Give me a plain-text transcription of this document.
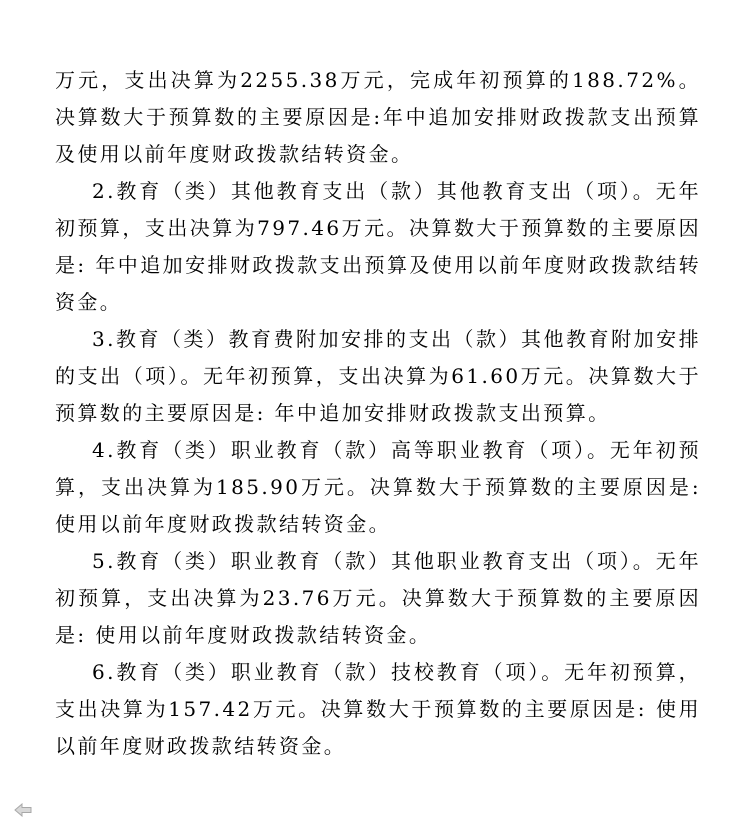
万元，支出决算为2255.38万元，完成年初预算的188.72%。决算数大于预算数的主要原因是:年中追加安排财政拨款支出预算及使用以前年度财政拨款结转资金。

2.教育（类）其他教育支出（款）其他教育支出（项）。无年初预算，支出决算为797.46万元。决算数大于预算数的主要原因是: 年中追加安排财政拨款支出预算及使用以前年度财政拨款结转资金。

3.教育（类）教育费附加安排的支出（款）其他教育附加安排的支出（项）。无年初预算，支出决算为61.60万元。决算数大于预算数的主要原因是: 年中追加安排财政拨款支出预算。

4.教育（类）职业教育（款）高等职业教育（项）。无年初预算，支出决算为185.90万元。决算数大于预算数的主要原因是: 使用以前年度财政拨款结转资金。

5.教育（类）职业教育（款）其他职业教育支出（项）。无年初预算，支出决算为23.76万元。决算数大于预算数的主要原因是: 使用以前年度财政拨款结转资金。

6.教育（类）职业教育（款）技校教育（项）。无年初预算，支出决算为157.42万元。决算数大于预算数的主要原因是: 使用以前年度财政拨款结转资金。
